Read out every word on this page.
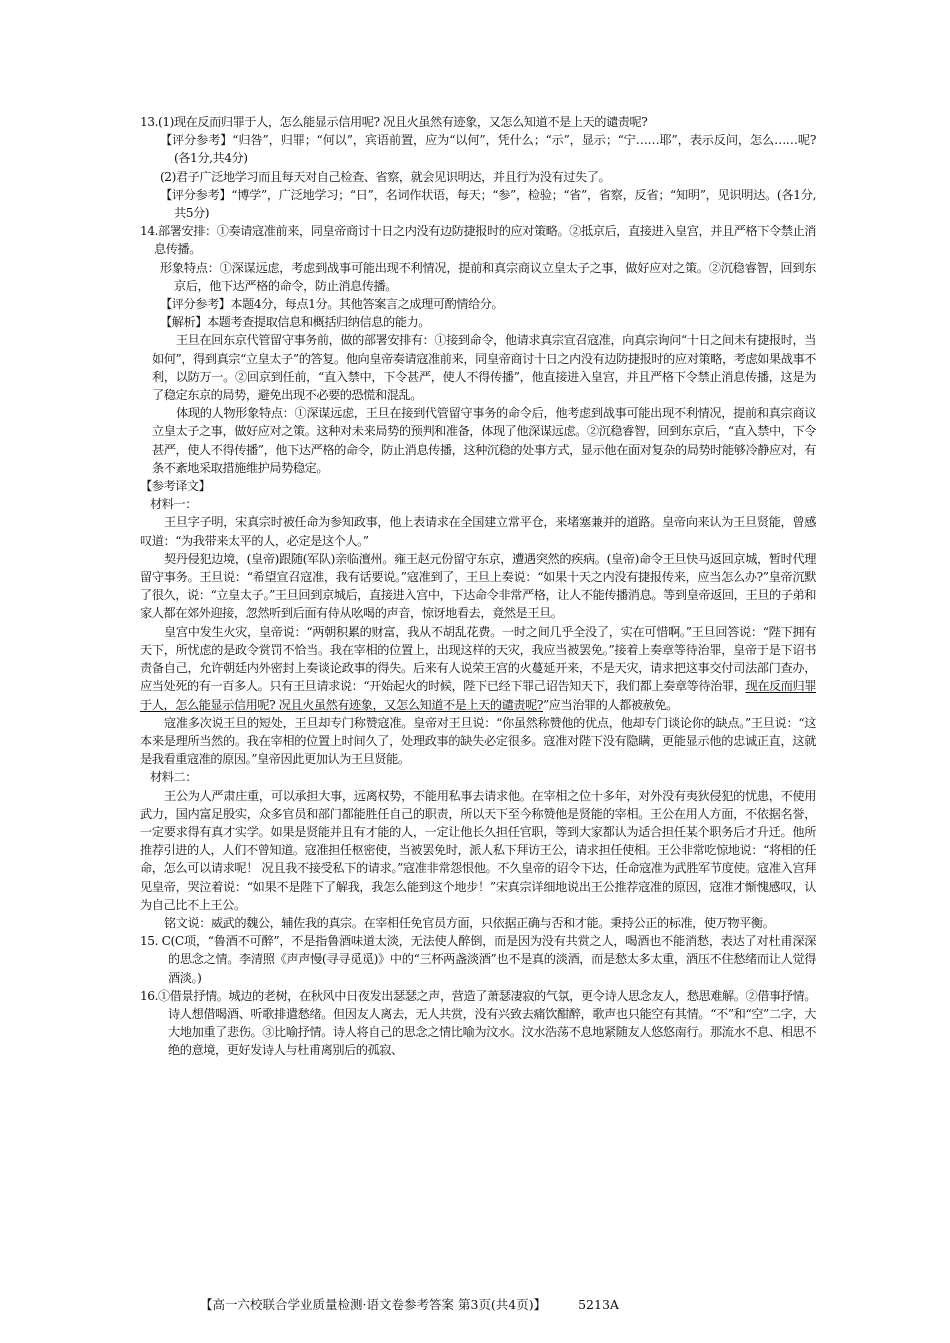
13.(1)现在反而归罪于人，怎么能显示信用呢? 况且火虽然有迹象，又怎么知道不是上天的谴责呢?

【评分参考】“归咎”，归罪；“何以”，宾语前置，应为“以何”，凭什么；“示”，显示；“宁……耶”，表示反问，怎么……呢? (各1分,共4分)

(2)君子广泛地学习而且每天对自己检查、省察，就会见识明达，并且行为没有过失了。

【评分参考】“博学”，广泛地学习；“日”，名词作状语，每天；“参”，检验；“省”，省察，反省；“知明”，见识明达。(各1分,共5分)

14.部署安排：①奏请寇准前来，同皇帝商讨十日之内没有边防捷报时的应对策略。②抵京后，直接进入皇宫，并且严格下令禁止消息传播。

形象特点：①深谋远虑，考虑到战事可能出现不利情况，提前和真宗商议立皇太子之事，做好应对之策。②沉稳睿智，回到东京后，他下达严格的命令，防止消息传播。

【评分参考】本题4分，每点1分。其他答案言之成理可酌情给分。

【解析】本题考查提取信息和概括归纳信息的能力。

王旦在回东京代管留守事务前，做的部署安排有：①接到命令，他请求真宗宣召寇准，向真宗询问“十日之间未有捷报时，当如何”，得到真宗“立皇太子”的答复。他向皇帝奏请寇准前来，同皇帝商讨十日之内没有边防捷报时的应对策略，考虑如果战事不利，以防万一。②回京到任前，“直入禁中，下令甚严，使人不得传播”，他直接进入皇宫，并且严格下令禁止消息传播，这是为了稳定东京的局势，避免出现不必要的恐慌和混乱。

体现的人物形象特点：①深谋远虑，王旦在接到代管留守事务的命令后，他考虑到战事可能出现不利情况，提前和真宗商议立皇太子之事，做好应对之策。这种对未来局势的预判和准备，体现了他深谋远虑。②沉稳睿智，回到东京后，“直入禁中，下令甚严，使人不得传播”，他下达严格的命令，防止消息传播，这种沉稳的处事方式，显示他在面对复杂的局势时能够冷静应对，有条不紊地采取措施维护局势稳定。

【参考译文】

材料一：

王旦字子明，宋真宗时被任命为参知政事，他上表请求在全国建立常平仓，来堵塞兼并的道路。皇帝向来认为王旦贤能，曾感叹道：“为我带来太平的人，必定是这个人。”

契丹侵犯边境，(皇帝)跟随(军队)亲临澶州。雍王赵元份留守东京，遭遇突然的疾病。(皇帝)命令王旦快马返回京城，暂时代理留守事务。王旦说：“希望宣召寇准，我有话要说。”寇准到了，王旦上奏说：“如果十天之内没有捷报传来，应当怎么办?”皇帝沉默了很久，说：“立皇太子。”王旦回到京城后，直接进入宫中，下达命令非常严格，让人不能传播消息。等到皇帝返回，王旦的子弟和家人都在郊外迎接，忽然听到后面有侍从吆喝的声音，惊讶地看去，竟然是王旦。

皇宫中发生火灾，皇帝说：“两朝积累的财富，我从不胡乱花费。一时之间几乎全没了，实在可惜啊。”王旦回答说：“陛下拥有天下，所忧虑的是政令赏罚不恰当。我在宰相的位置上，出现这样的天灾，我应当被罢免。”接着上奏章等待治罪，皇帝于是下诏书责备自己，允许朝廷内外密封上奏谈论政事的得失。后来有人说荣王宫的火蔓延开来，不是天灾，请求把这事交付司法部门查办，应当处死的有一百多人。只有王旦请求说：“开始起火的时候，陛下已经下罪己诏告知天下，我们都上奏章等待治罪，现在反而归罪于人，怎么能显示信用呢? 况且火虽然有迹象，又怎么知道不是上天的谴责呢?”应当治罪的人都被赦免。

寇准多次说王旦的短处，王旦却专门称赞寇准。皇帝对王旦说：“你虽然称赞他的优点，他却专门谈论你的缺点。”王旦说：“这本来是理所当然的。我在宰相的位置上时间久了，处理政事的缺失必定很多。寇准对陛下没有隐瞒，更能显示他的忠诚正直，这就是我看重寇准的原因。”皇帝因此更加认为王旦贤能。

材料二：

王公为人严肃庄重，可以承担大事，远离权势，不能用私事去请求他。在宰相之位十多年，对外没有夷狄侵犯的忧患，不使用武力，国内富足殷实，众多官员和部门都能胜任自己的职责，所以天下至今称赞他是贤能的宰相。王公在用人方面，不依据名誉，一定要求得有真才实学。如果是贤能并且有才能的人，一定让他长久担任官职，等到大家都认为适合担任某个职务后才升迁。他所推荐引进的人，人们不曾知道。寇准担任枢密使，当被罢免时，派人私下拜访王公，请求担任使相。王公非常吃惊地说：“将相的任命，怎么可以请求呢！ 况且我不接受私下的请求。”寇准非常怨恨他。不久皇帝的诏令下达，任命寇准为武胜军节度使。寇准入宫拜见皇帝，哭泣着说：“如果不是陛下了解我，我怎么能到这个地步！”宋真宗详细地说出王公推荐寇准的原因，寇准才惭愧感叹，认为自己比不上王公。

铭文说：威武的魏公，辅佐我的真宗。在宰相任免官员方面，只依据正确与否和才能。秉持公正的标准，使万物平衡。

15. C(C项，“鲁酒不可醉”，不是指鲁酒味道太淡，无法使人醉倒，而是因为没有共赏之人，喝酒也不能消愁，表达了对杜甫深深的思念之情。李清照《声声慢(寻寻觅觅)》中的“三杯两盏淡酒”也不是真的淡酒，而是愁太多太重，酒压不住愁绪而让人觉得酒淡。)

16.①借景抒情。城边的老树，在秋风中日夜发出瑟瑟之声，营造了萧瑟凄寂的气氛，更令诗人思念友人，愁思难解。②借事抒情。诗人想借喝酒、听歌排遣愁绪。但因友人离去，无人共赏，没有兴致去痛饮酣醉，歌声也只能空有其情。“不”和“空”二字，大大地加重了悲伤。③比喻抒情。诗人将自己的思念之情比喻为汶水。汶水浩荡不息地紧随友人悠悠南行。那流水不息、相思不绝的意境，更好发诗人与杜甫离别后的孤寂、

【高一六校联合学业质量检测·语文卷参考答案 第3页(共4页)】	5213A
